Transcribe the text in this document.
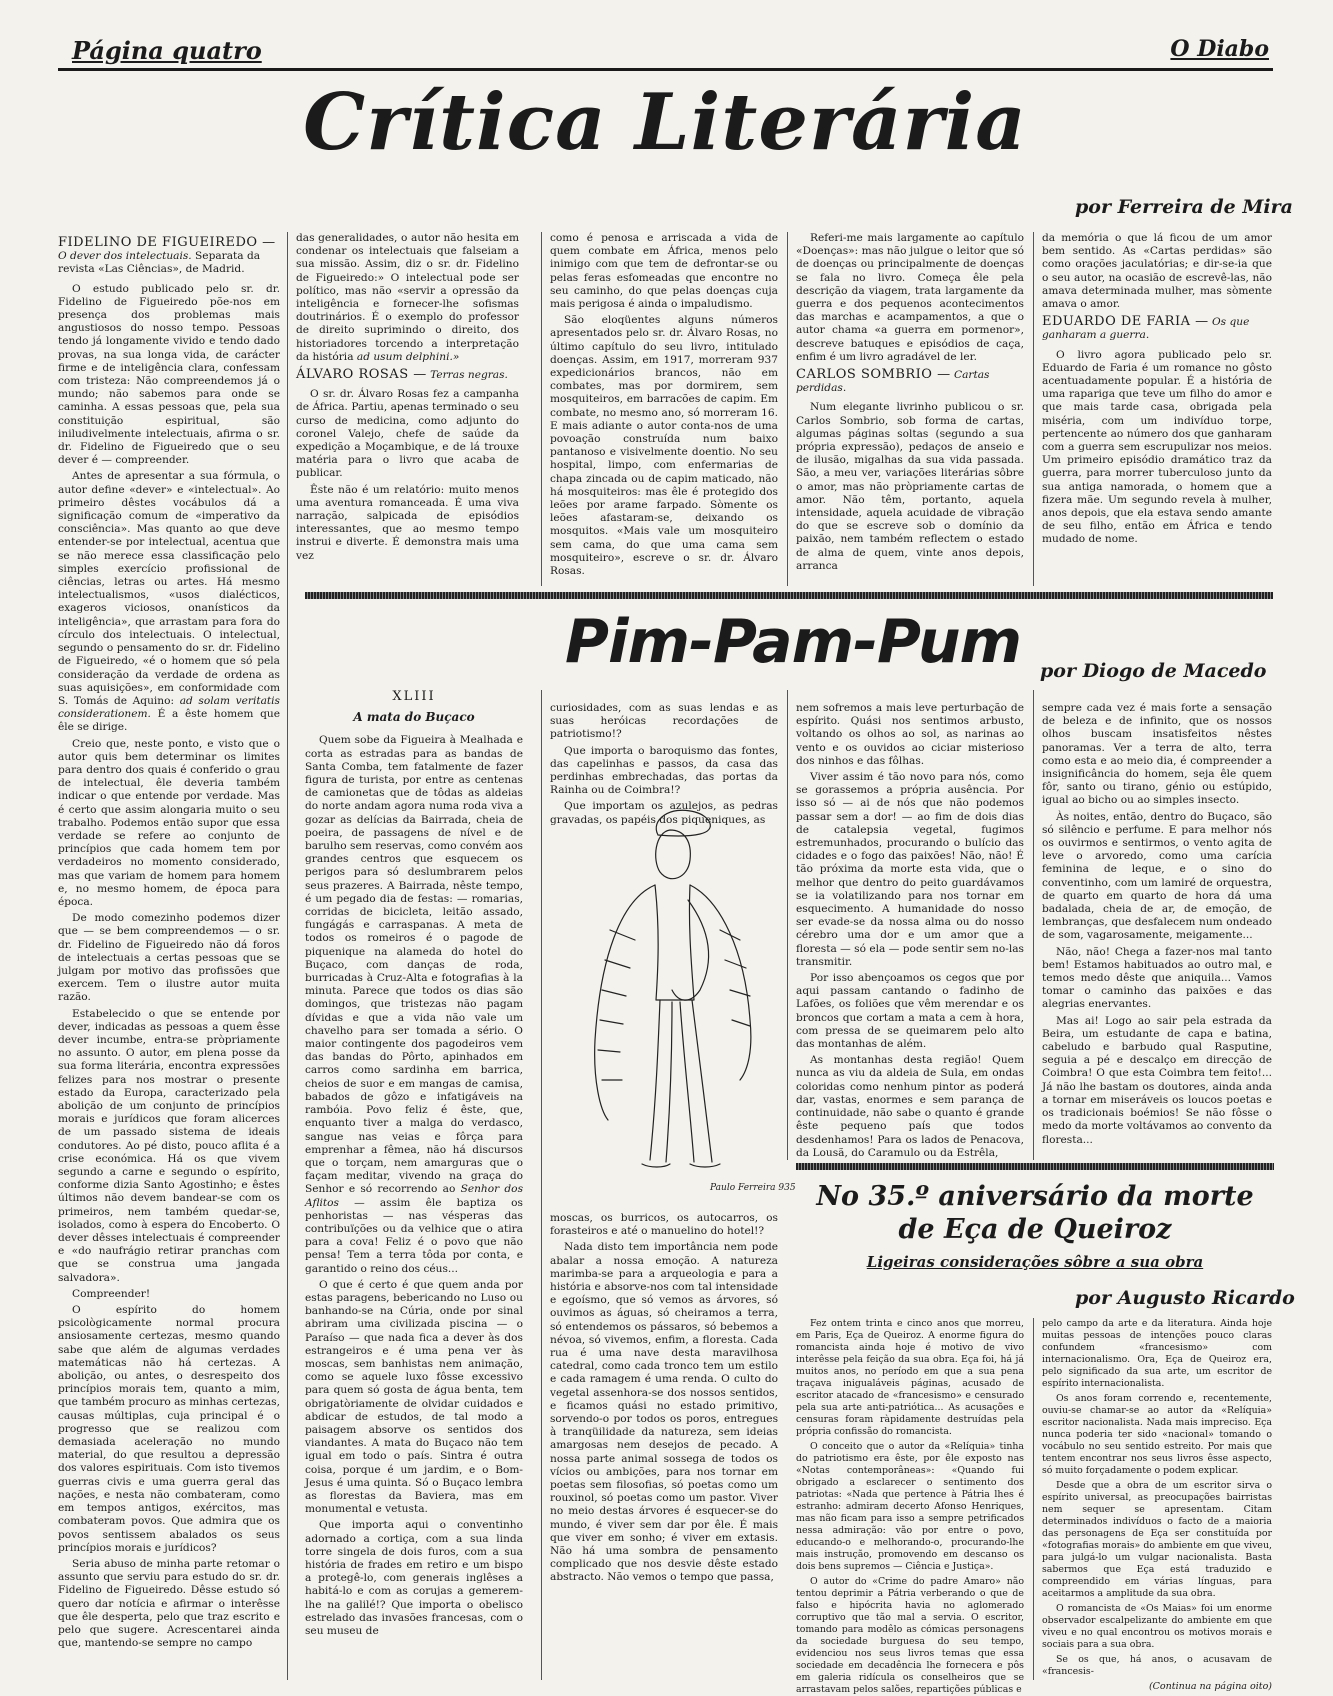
Página quatro	O Diabo
Crítica Literária
por Ferreira de Mira
FIDELINO DE FIGUEIREDO — O dever dos intelectuais. Separata da revista «Las Ciências», de Madrid.

O estudo publicado pelo sr. dr. Fidelino de Figueiredo põe-nos em presença dos problemas mais angustiosos do nosso tempo. Pessoas tendo já longamente vivido e tendo dado provas, na sua longa vida, de carácter firme e de inteligência clara, confessam com tristeza: Não compreendemos já o mundo; não sabemos para onde se caminha. A essas pessoas que, pela sua constituição espiritual, são iniludivelmente intelectuais, afirma o sr. dr. Fidelino de Figueiredo que o seu dever é — compreender.

Antes de apresentar a sua fórmula, o autor define «dever» e «intelectual». Ao primeiro dêstes vocábulos dá a significação comum de «imperativo da consciência». Mas quanto ao que deve entender-se por intelectual, acentua que se não merece essa classificação pelo simples exercício profissional de ciências, letras ou artes. Há mesmo intelectualismos, «usos dialécticos, exageros viciosos, onanísticos da inteligência», que arrastam para fora do círculo dos intelectuais. O intelectual, segundo o pensamento do sr. dr. Fidelino de Figueiredo, «é o homem que só pela consideração da verdade de ordena as suas aquisições», em conformidade com S. Tomás de Aquino: ad solam veritatis considerationem. É a êste homem que êle se dirige.

Creio que, neste ponto, e visto que o autor quis bem determinar os limites para dentro dos quais é conferido o grau de intelectual, êle deveria também indicar o que entende por verdade. Mas é certo que assim alongaria muito o seu trabalho. Podemos então supor que essa verdade se refere ao conjunto de princípios que cada homem tem por verdadeiros no momento considerado, mas que variam de homem para homem e, no mesmo homem, de época para época.

De modo comezinho podemos dizer que — se bem compreendemos — o sr. dr. Fidelino de Figueiredo não dá foros de intelectuais a certas pessoas que se julgam por motivo das profissões que exercem. Tem o ilustre autor muita razão.

Estabelecido o que se entende por dever, indicadas as pessoas a quem êsse dever incumbe, entra-se pròpriamente no assunto. O autor, em plena posse da sua forma literária, encontra expressões felizes para nos mostrar o presente estado da Europa, caracterizado pela abolição de um conjunto de princípios morais e jurídicos que foram alicerces de um passado sistema de ideais condutores. Ao pé disto, pouco aflita é a crise económica. Há os que vivem segundo a carne e segundo o espírito, conforme dizia Santo Agostinho; e êstes últimos não devem bandear-se com os primeiros, nem também quedar-se, isolados, como à espera do Encoberto. O dever dêsses intelectuais é compreender e «do naufrágio retirar pranchas com que se construa uma jangada salvadora».

Compreender!

O espírito do homem psicològicamente normal procura ansiosamente certezas, mesmo quando sabe que além de algumas verdades matemáticas não há certezas. A abolição, ou antes, o desrespeito dos princípios morais tem, quanto a mim, que também procuro as minhas certezas, causas múltiplas, cuja principal é o progresso que se realizou com demasiada aceleração no mundo material, do que resultou a depressão dos valores espirituais. Com isto tivemos guerras civis e uma guerra geral das nações, e nesta não combateram, como em tempos antigos, exércitos, mas combateram povos. Que admira que os povos sentissem abalados os seus princípios morais e jurídicos?

Seria abuso de minha parte retomar o assunto que serviu para estudo do sr. dr. Fidelino de Figueiredo. Dêsse estudo só quero dar notícia e afirmar o interêsse que êle desperta, pelo que traz escrito e pelo que sugere. Acrescentarei ainda que, mantendo-se sempre no campo

das generalidades, o autor não hesita em condenar os intelectuais que falseiam a sua missão. Assim, diz o sr. dr. Fidelino de Figueiredo:» O intelectual pode ser político, mas não «servir a opressão da inteligência e fornecer-lhe sofismas doutrinários. É o exemplo do professor de direito suprimindo o direito, dos historiadores torcendo a interpretação da história ad usum delphini.»

ÁLVARO ROSAS — Terras negras.

O sr. dr. Álvaro Rosas fez a campanha de África. Partiu, apenas terminado o seu curso de medicina, como adjunto do coronel Valejo, chefe de saúde da expedição a Moçambique, e de lá trouxe matéria para o livro que acaba de publicar.

Êste não é um relatório: muito menos uma aventura romanceada. É uma viva narração, salpicada de episódios interessantes, que ao mesmo tempo instrui e diverte. É demonstra mais uma vez

como é penosa e arriscada a vida de quem combate em África, menos pelo inimigo com que tem de defrontar-se ou pelas feras esfomeadas que encontre no seu caminho, do que pelas doenças cuja mais perigosa é ainda o impaludismo.

São eloqüentes alguns números apresentados pelo sr. dr. Álvaro Rosas, no último capítulo do seu livro, intitulado doenças. Assim, em 1917, morreram 937 expedicionários brancos, não em combates, mas por dormirem, sem mosquiteiros, em barracões de capim. Em combate, no mesmo ano, só morreram 16. E mais adiante o autor conta-nos de uma povoação construída num baixo pantanoso e visivelmente doentio. No seu hospital, limpo, com enfermarias de chapa zincada ou de capim maticado, não há mosquiteiros: mas êle é protegido dos leões por arame farpado. Sòmente os leões afastaram-se, deixando os mosquitos. «Mais vale um mosquiteiro sem cama, do que uma cama sem mosquiteiro», escreve o sr. dr. Álvaro Rosas.

Referi-me mais largamente ao capítulo «Doenças»: mas não julgue o leitor que só de doenças ou principalmente de doenças se fala no livro. Começa êle pela descrição da viagem, trata largamente da guerra e dos pequenos acontecimentos das marchas e acampamentos, a que o autor chama «a guerra em pormenor», descreve batuques e episódios de caça, enfim é um livro agradável de ler.

CARLOS SOMBRIO — Cartas perdidas.

Num elegante livrinho publicou o sr. Carlos Sombrio, sob forma de cartas, algumas páginas soltas (segundo a sua própria expressão), pedaços de anseio e de ilusão, migalhas da sua vida passada. São, a meu ver, variações literárias sôbre o amor, mas não pròpriamente cartas de amor. Não têm, portanto, aquela intensidade, aquela acuidade de vibração do que se escreve sob o domínio da paixão, nem também reflectem o estado de alma de quem, vinte anos depois, arranca

da memória o que lá ficou de um amor bem sentido. As «Cartas perdidas» são como orações jaculatórias; e dir-se-ia que o seu autor, na ocasião de escrevê-las, não amava determinada mulher, mas sòmente amava o amor.

EDUARDO DE FARIA — Os que ganharam a guerra.

O livro agora publicado pelo sr. Eduardo de Faria é um romance no gôsto acentuadamente popular. É a história de uma rapariga que teve um filho do amor e que mais tarde casa, obrigada pela miséria, com um indivíduo torpe, pertencente ao número dos que ganharam com a guerra sem escrupulizar nos meios. Um primeiro episódio dramático traz da guerra, para morrer tuberculoso junto da sua antiga namorada, o homem que a fizera mãe. Um segundo revela à mulher, anos depois, que ela estava sendo amante de seu filho, então em África e tendo mudado de nome.

Pim-Pam-Pum por Diogo de Macedo
XLIII
A mata do Buçaco

Quem sobe da Figueira à Mealhada e corta as estradas para as bandas de Santa Comba, tem fatalmente de fazer figura de turista, por entre as centenas de camionetas que de tôdas as aldeias do norte andam agora numa roda viva a gozar as delícias da Bairrada, cheia de poeira, de passagens de nível e de barulho sem reservas, como convém aos grandes centros que esquecem os perigos para só deslumbrarem pelos seus prazeres. A Bairrada, nêste tempo, é um pegado dia de festas: — romarias, corridas de bicicleta, leitão assado, fungágás e carraspanas. A meta de todos os romeiros é o pagode de piquenique na alameda do hotel do Buçaco, com danças de roda, burricadas à Cruz-Alta e fotografias à la minuta. Parece que todos os dias são domingos, que tristezas não pagam dívidas e que a vida não vale um chavelho para ser tomada a sério. O maior contingente dos pagodeiros vem das bandas do Pôrto, apinhados em carros como sardinha em barrica, cheios de suor e em mangas de camisa, babados de gôzo e infatigáveis na rambóia. Povo feliz é êste, que, enquanto tiver a malga do verdasco, sangue nas veias e fôrça para emprenhar a fêmea, não há discursos que o torçam, nem amarguras que o façam meditar, vivendo na graça do Senhor e só recorrendo ao Senhor dos Aflitos — assim êle baptiza os penhoristas — nas vésperas das contribuïções ou da velhice que o atira para a cova! Feliz é o povo que não pensa! Tem a terra tôda por conta, e garantido o reino dos céus...

O que é certo é que quem anda por estas paragens, bebericando no Luso ou banhando-se na Cúria, onde por sinal abriram uma civilizada piscina — o Paraíso — que nada fica a dever às dos estrangeiros e é uma pena ver às moscas, sem banhistas nem animação, como se aquele luxo fôsse excessivo para quem só gosta de água benta, tem obrigatòriamente de olvidar cuidados e abdicar de estudos, de tal modo a paisagem absorve os sentidos dos viandantes. A mata do Buçaco não tem igual em todo o país. Sintra é outra coisa, porque é um jardim, e o Bom-Jesus é uma quinta. Só o Buçaco lembra as florestas da Baviera, mas em monumental e vetusta.

Que importa aqui o conventinho adornado a cortiça, com a sua linda torre singela de dois furos, com a sua história de frades em retiro e um bispo a protegê-lo, com generais inglêses a habitá-lo e com as corujas a gemerem-lhe na galilé!? Que importa o obelisco estrelado das invasões francesas, com o seu museu de

curiosidades, com as suas lendas e as suas heróicas recordações de patriotismo!?

Que importa o baroquismo das fontes, das capelinhas e passos, da casa das perdinhas embrechadas, das portas da Rainha ou de Coimbra!?

Que importam os azulejos, as pedras gravadas, os papéis dos piqueniques, as

Paulo Ferreira 935

moscas, os burricos, os autocarros, os forasteiros e até o manuelino do hotel!?

Nada disto tem importância nem pode abalar a nossa emoção. A natureza marimba-se para a arqueologia e para a história e absorve-nos com tal intensidade e egoísmo, que só vemos as árvores, só ouvimos as águas, só cheiramos a terra, só entendemos os pássaros, só bebemos a névoa, só vivemos, enfim, a floresta. Cada rua é uma nave desta maravilhosa catedral, como cada tronco tem um estilo e cada ramagem é uma renda. O culto do vegetal assenhora-se dos nossos sentidos, e ficamos quási no estado primitivo, sorvendo-o por todos os poros, entregues à tranqüilidade da natureza, sem ideias amargosas nem desejos de pecado. A nossa parte animal sossega de todos os vícios ou ambições, para nos tornar em poetas sem filosofias, só poetas como um rouxinol, só poetas como um pastor. Viver no meio destas árvores é esquecer-se do mundo, é viver sem dar por êle. É mais que viver em sonho; é viver em extasis. Não há uma sombra de pensamento complicado que nos desvie dêste estado abstracto. Não vemos o tempo que passa,

nem sofremos a mais leve perturbação de espírito. Quási nos sentimos arbusto, voltando os olhos ao sol, as narinas ao vento e os ouvidos ao ciciar misterioso dos ninhos e das fôlhas.

Viver assim é tão novo para nós, como se gorassemos a própria ausência. Por isso só — ai de nós que não podemos passar sem a dor! — ao fim de dois dias de catalepsia vegetal, fugimos estremunhados, procurando o bulício das cidades e o fogo das paixões! Não, não! É tão próxima da morte esta vida, que o melhor que dentro do peito guardávamos se ia volatilizando para nos tornar em esquecimento. A humanidade do nosso ser evade-se da nossa alma ou do nosso cérebro uma dor e um amor que a floresta — só ela — pode sentir sem no-las transmitir.

Por isso abençoamos os cegos que por aqui passam cantando o fadinho de Lafões, os foliões que vêm merendar e os broncos que cortam a mata a cem à hora, com pressa de se queimarem pelo alto das montanhas de além.

As montanhas desta região! Quem nunca as viu da aldeia de Sula, em ondas coloridas como nenhum pintor as poderá dar, vastas, enormes e sem parança de continuidade, não sabe o quanto é grande êste pequeno país que todos desdenhamos! Para os lados de Penacova, da Lousã, do Caramulo ou da Estrêla,

sempre cada vez é mais forte a sensação de beleza e de infinito, que os nossos olhos buscam insatisfeitos nêstes panoramas. Ver a terra de alto, terra como esta e ao meio dia, é compreender a insignificância do homem, seja êle quem fôr, santo ou tirano, génio ou estúpido, igual ao bicho ou ao simples insecto.

Às noites, então, dentro do Buçaco, são só silêncio e perfume. E para melhor nós os ouvirmos e sentirmos, o vento agita de leve o arvoredo, como uma carícia feminina de leque, e o sino do conventinho, com um lamiré de orquestra, de quarto em quarto de hora dá uma badalada, cheia de ar, de emoção, de lembranças, que desfalecem num ondeado de som, vagarosamente, meigamente...

Não, não! Chega a fazer-nos mal tanto bem! Estamos habituados ao outro mal, e temos medo dêste que aniquila... Vamos tomar o caminho das paixões e das alegrias enervantes.

Mas ai! Logo ao sair pela estrada da Beira, um estudante de capa e batina, cabeludo e barbudo qual Rasputine, seguia a pé e descalço em direcção de Coimbra! O que esta Coimbra tem feito!... Já não lhe bastam os doutores, ainda anda a tornar em miseráveis os loucos poetas e os tradicionais boémios! Se não fôsse o medo da morte voltávamos ao convento da floresta...

No 35.º aniversário da morte
de Eça de Queiroz
Ligeiras considerações sôbre a sua obra
por Augusto Ricardo

Fez ontem trinta e cinco anos que morreu, em Paris, Eça de Queiroz. A enorme figura do romancista ainda hoje é motivo de vivo interêsse pela feição da sua obra. Eça foi, há já muitos anos, no período em que a sua pena traçava inigualáveis páginas, acusado de escritor atacado de «francesismo» e censurado pela sua arte anti-patriótica... As acusações e censuras foram ràpidamente destruídas pela própria confissão do romancista.

O conceito que o autor da «Relíquia» tinha do patriotismo era êste, por êle exposto nas «Notas contemporâneas»: «Quando fui obrigado a esclarecer o sentimento dos patriotas: «Nada que pertence à Pátria lhes é estranho: admiram decerto Afonso Henriques, mas não ficam para isso a sempre petrificados nessa admiração: vão por entre o povo, educando-o e melhorando-o, procurando-lhe mais instrução, promovendo em descanso os dois bens supremos — Ciência e Justiça».

O autor do «Crime do padre Amaro» não tentou deprimir a Pátria verberando o que de falso e hipócrita havia no aglomerado corruptivo que tão mal a servia. O escritor, tomando para modêlo as cómicas personagens da sociedade burguesa do seu tempo, evidenciou nos seus livros temas que essa sociedade em decadência lhe fornecera e pôs em galeria ridícula os conselheiros que se arrastavam pelos salões, repartições públicas e

pelo campo da arte e da literatura. Ainda hoje muitas pessoas de intenções pouco claras confundem «francesismo» com internacionalismo. Ora, Eça de Queiroz era, pelo significado da sua arte, um escritor de espírito internacionalista.

Os anos foram correndo e, recentemente, ouviu-se chamar-se ao autor da «Relíquia» escritor nacionalista. Nada mais impreciso. Eça nunca poderia ter sido «nacional» tomando o vocábulo no seu sentido estreito. Por mais que tentem encontrar nos seus livros êsse aspecto, só muito forçadamente o podem explicar.

Desde que a obra de um escritor sirva o espírito universal, as preocupações bairristas nem sequer se apresentam. Citam determinados indivíduos o facto de a maioria das personagens de Eça ser constituída por «fotografias morais» do ambiente em que viveu, para julgá-lo um vulgar nacionalista. Basta sabermos que Eça está traduzido e compreendido em várias línguas, para aceitarmos a amplitude da sua obra.

O romancista de «Os Maias» foi um enorme observador escalpelizante do ambiente em que viveu e no qual encontrou os motivos morais e sociais para a sua obra.

Se os que, há anos, o acusavam de «francesis-

(Continua na página oito)
